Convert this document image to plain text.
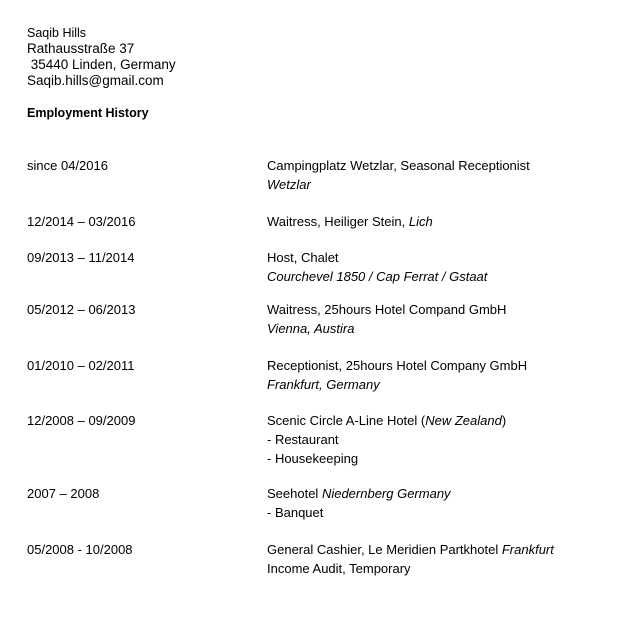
Saqib Hills
Rathausstraße 37
35440 Linden, Germany
Saqib.hills@gmail.com
Employment History
since 04/2016	Campingplatz Wetzlar, Seasonal Receptionist
Wetzlar
12/2014 – 03/2016	Waitress, Heiliger Stein, Lich
09/2013 – 11/2014	Host, Chalet
Courchevel 1850 / Cap Ferrat / Gstaat
05/2012 – 06/2013	Waitress, 25hours Hotel Compand GmbH
Vienna, Austira
01/2010 – 02/2011	Receptionist, 25hours Hotel Company GmbH
Frankfurt, Germany
12/2008 – 09/2009	Scenic Circle A-Line Hotel (New Zealand)
- Restaurant
- Housekeeping
2007 – 2008	Seehotel Niedernberg Germany
- Banquet
05/2008 - 10/2008	General Cashier, Le Meridien Partkhotel Frankfurt
Income Audit, Temporary
